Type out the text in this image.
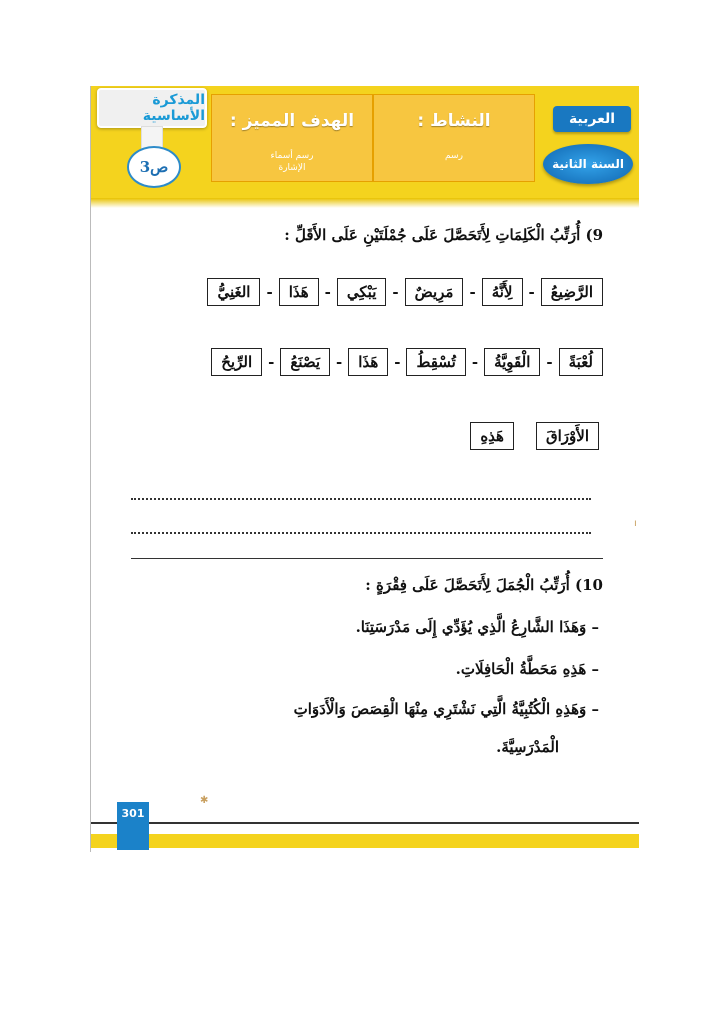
المذكرة الأساسية
3ص
الهدف المميز :
رسم أسماء
الإشارة
النشاط :
رسم
العربية
السنة الثانية
9) أُرَتِّبُ الْكَلِمَاتِ لِأَتَحَصَّلَ عَلَى جُمْلَتَيْنِ عَلَى الأَقَلِّ :
الرَّضِيعُ
-
لِأَنَّهُ
-
مَرِيضٌ
-
يَبْكِي
-
هَذَا
-
الغَنِيُّ
لُعْبَةً
-
الْقَوِيَّةُ
-
تُسْقِطُ
-
هَذَا
-
يَصْنَعُ
-
الرِّيحُ
الأَوْرَاقَ
هَذِهِ
10) أُرَتِّبُ الْجُمَلَ لِأَتَحَصَّلَ عَلَى فِقْرَةٍ :
– وَهَذَا الشَّارِعُ الَّذِي يُؤَدِّي إِلَى مَدْرَسَتِنَا.
– هَذِهِ مَحَطَّةُ الْحَافِلَاتِ.
– وَهَذِهِ الْكُتُبِيَّةُ الَّتِي نَشْتَرِي مِنْهَا الْقِصَصَ وَالْأَدَوَاتِ
الْمَدْرَسِيَّةَ.
301
✱
ı
